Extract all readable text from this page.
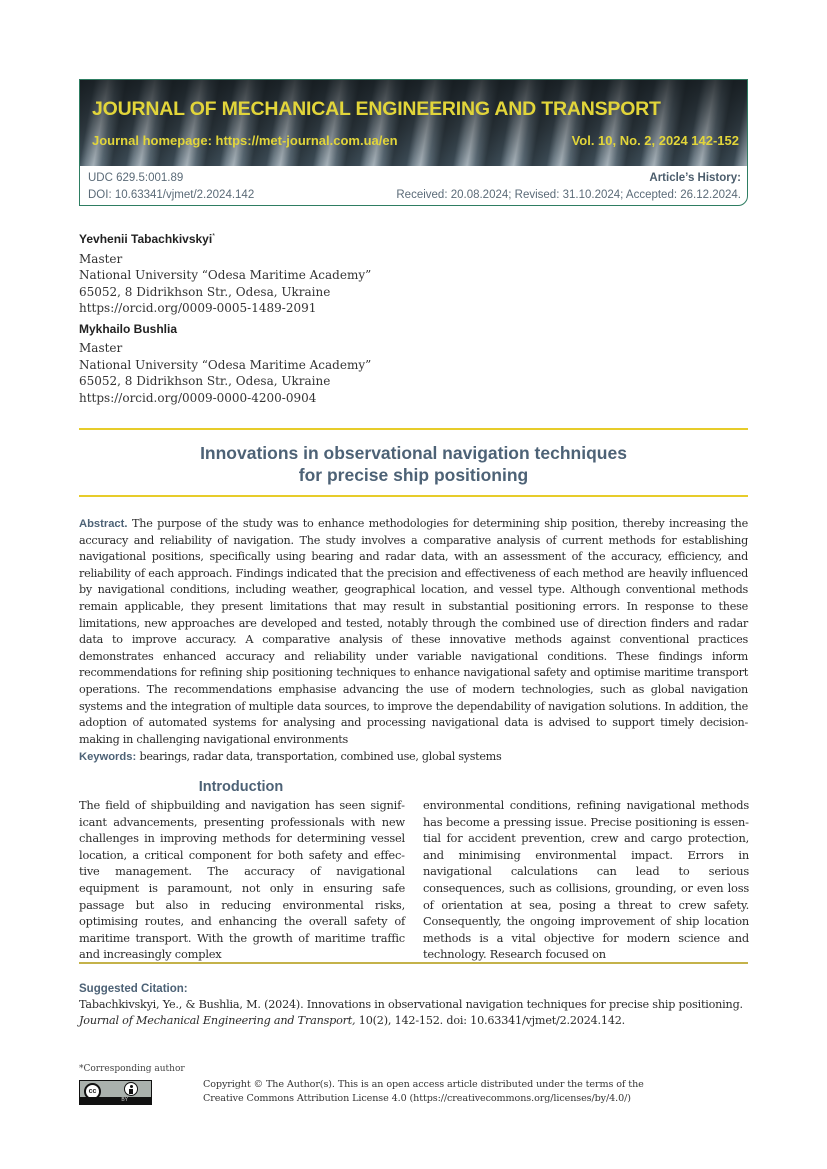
JOURNAL OF MECHANICAL ENGINEERING AND TRANSPORT
Journal homepage: https://met-journal.com.ua/en	Vol. 10, No. 2, 2024 142-152
UDC 629.5:001.89
DOI: 10.63341/vjmet/2.2024.142
Article’s History:
Received: 20.08.2024; Revised: 31.10.2024; Accepted: 26.12.2024.
Yevhenii Tabachkivskyi*
Master
National University “Odesa Maritime Academy”
65052, 8 Didrikhson Str., Odesa, Ukraine
https://orcid.org/0009-0005-1489-2091
Mykhailo Bushlia
Master
National University “Odesa Maritime Academy”
65052, 8 Didrikhson Str., Odesa, Ukraine
https://orcid.org/0009-0000-4200-0904
Innovations in observational navigation techniques
for precise ship positioning
Abstract. The purpose of the study was to enhance methodologies for determining ship position, thereby increasing the accuracy and reliability of navigation. The study involves a comparative analysis of current methods for establishing navigational positions, specifically using bearing and radar data, with an assessment of the accuracy, efficiency, and reliability of each approach. Findings indicated that the precision and effectiveness of each method are heavily influenced by navigational conditions, including weather, geographical location, and vessel type. Although conventional methods remain applicable, they present limitations that may result in substantial positioning errors. In response to these limitations, new approaches are developed and tested, notably through the combined use of direction finders and radar data to improve accuracy. A comparative analysis of these innovative methods against conventional practices demonstrates enhanced accuracy and reliability under variable navigational conditions. These findings inform recommendations for refining ship positioning techniques to enhance navigational safety and optimise maritime transport operations. The recommendations emphasise advancing the use of modern technologies, such as global navigation systems and the integration of multiple data sources, to improve the dependability of navigation solutions. In addition, the adoption of automated systems for analysing and processing navigational data is advised to support timely decision-making in challenging navigational environments
Keywords: bearings, radar data, transportation, combined use, global systems
Introduction
The field of shipbuilding and navigation has seen significant advancements, presenting professionals with new challenges in improving methods for determining vessel location, a critical component for both safety and effective management. The accuracy of navigational equipment is paramount, not only in ensuring safe passage but also in reducing environmental risks, optimising routes, and enhancing the overall safety of maritime transport. With the growth of maritime traffic and increasingly complex
environmental conditions, refining navigational methods has become a pressing issue. Precise positioning is essential for accident prevention, crew and cargo protection, and minimising environmental impact. Errors in navigational calculations can lead to serious consequences, such as collisions, grounding, or even loss of orientation at sea, posing a threat to crew safety. Consequently, the ongoing improvement of ship location methods is a vital objective for modern science and technology. Research focused on
Suggested Citation:
Tabachkivskyi, Ye., & Bushlia, M. (2024). Innovations in observational navigation techniques for precise ship positioning.
Journal of Mechanical Engineering and Transport, 10(2), 142-152. doi: 10.63341/vjmet/2.2024.142.
*Corresponding author
cc
BY
Copyright © The Author(s). This is an open access article distributed under the terms of the
Creative Commons Attribution License 4.0 (https://creativecommons.org/licenses/by/4.0/)
